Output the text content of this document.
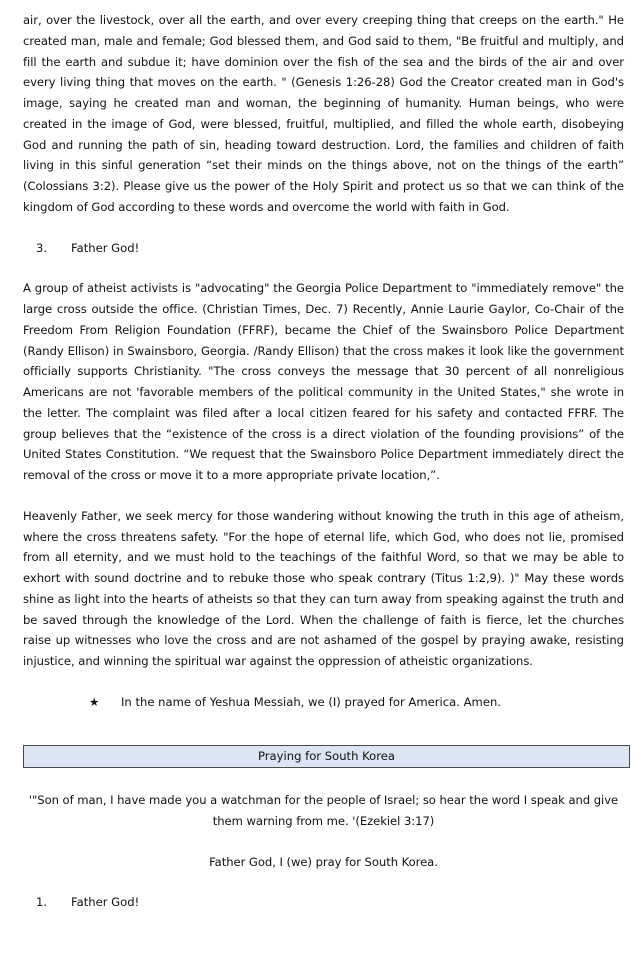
air, over the livestock, over all the earth, and over every creeping thing that creeps on the earth." He created man, male and female; God blessed them, and God said to them, "Be fruitful and multiply, and fill the earth and subdue it; have dominion over the fish of the sea and the birds of the air and over every living thing that moves on the earth. " (Genesis 1:26-28) God the Creator created man in God's image, saying he created man and woman, the beginning of humanity. Human beings, who were created in the image of God, were blessed, fruitful, multiplied, and filled the whole earth, disobeying God and running the path of sin, heading toward destruction. Lord, the families and children of faith living in this sinful generation “set their minds on the things above, not on the things of the earth” (Colossians 3:2). Please give us the power of the Holy Spirit and protect us so that we can think of the kingdom of God according to these words and overcome the world with faith in God.

3.	Father God!

A group of atheist activists is "advocating" the Georgia Police Department to "immediately remove" the large cross outside the office. (Christian Times, Dec. 7) Recently, Annie Laurie Gaylor, Co-Chair of the Freedom From Religion Foundation (FFRF), became the Chief of the Swainsboro Police Department (Randy Ellison) in Swainsboro, Georgia. /Randy Ellison) that the cross makes it look like the government officially supports Christianity. "The cross conveys the message that 30 percent of all nonreligious Americans are not 'favorable members of the political community in the United States," she wrote in the letter. The complaint was filed after a local citizen feared for his safety and contacted FFRF. The group believes that the “existence of the cross is a direct violation of the founding provisions” of the United States Constitution. “We request that the Swainsboro Police Department immediately direct the removal of the cross or move it to a more appropriate private location,”.

Heavenly Father, we seek mercy for those wandering without knowing the truth in this age of atheism, where the cross threatens safety. "For the hope of eternal life, which God, who does not lie, promised from all eternity, and we must hold to the teachings of the faithful Word, so that we may be able to exhort with sound doctrine and to rebuke those who speak contrary (Titus 1:2,9). )" May these words shine as light into the hearts of atheists so that they can turn away from speaking against the truth and be saved through the knowledge of the Lord. When the challenge of faith is fierce, let the churches raise up witnesses who love the cross and are not ashamed of the gospel by praying awake, resisting injustice, and winning the spiritual war against the oppression of atheistic organizations.

★	In the name of Yeshua Messiah, we (I) prayed for America. Amen.
Praying for South Korea

'"Son of man, I have made you a watchman for the people of Israel; so hear the word I speak and give them warning from me. '(Ezekiel 3:17)

Father God, I (we) pray for South Korea.

1.	Father God!
